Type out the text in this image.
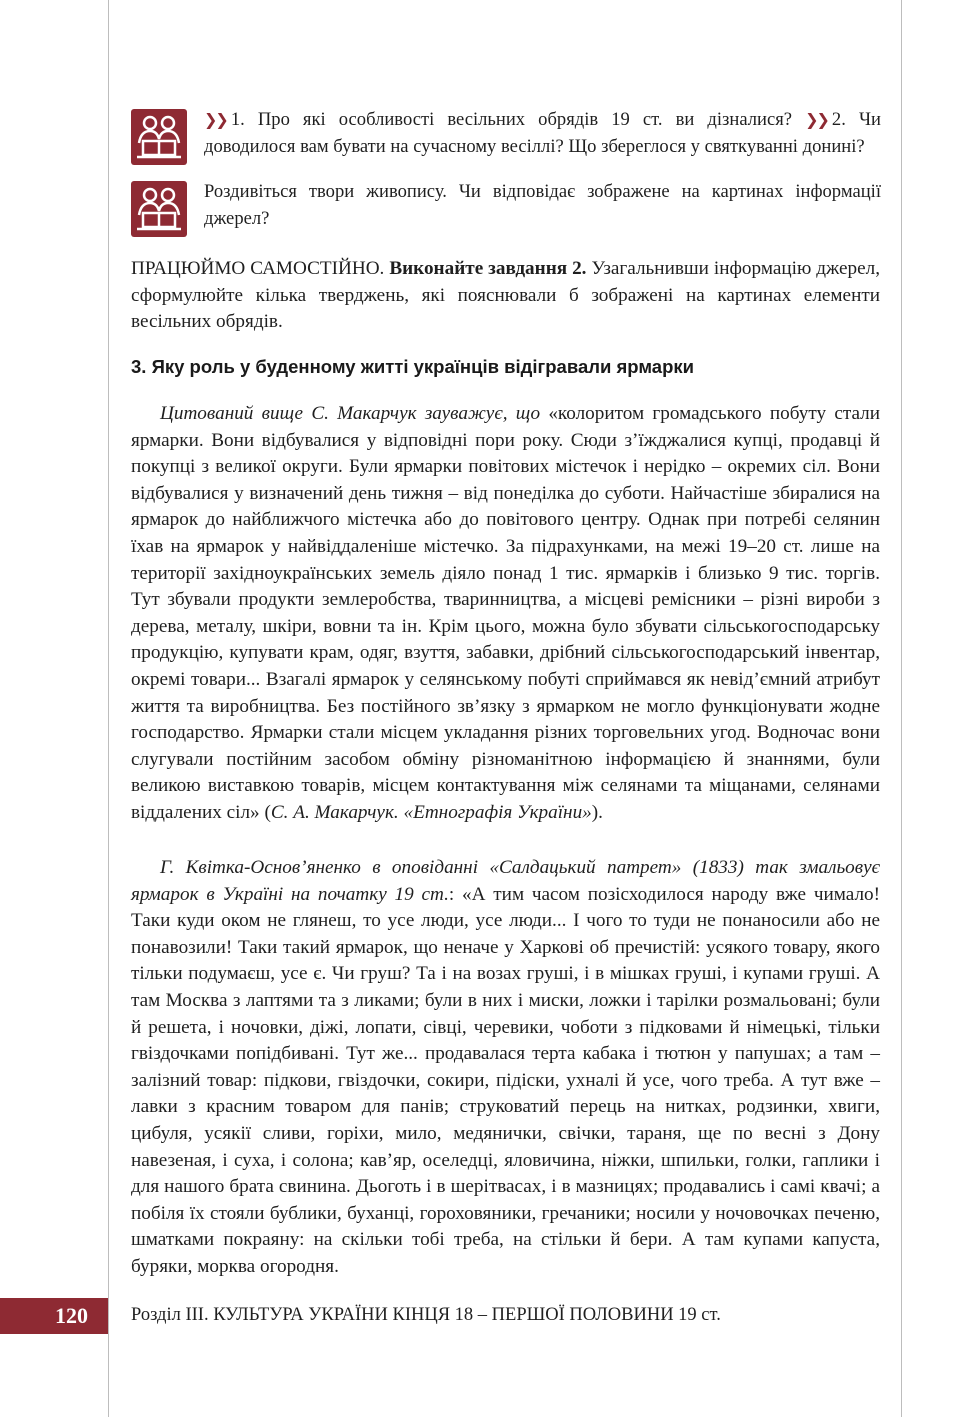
❯❯ 1. Про які особливості весільних обрядів 19 ст. ви дізналися? ❯❯ 2. Чи доводилося вам бувати на сучасному весіллі? Що збереглося у святкуванні донині?
Роздивіться твори живопису. Чи відповідає зображене на картинах інформації джерел?
ПРАЦЮЙМО САМОСТІЙНО. Виконайте завдання 2. Узагальнивши інформацію джерел, сформулюйте кілька тверджень, які пояснювали б зображені на картинах елементи весільних обрядів.
3. Яку роль у буденному житті українців відігравали ярмарки
Цитований вище С. Макарчук зауважує, що «колоритом громадського побуту стали ярмарки. Вони відбувалися у відповідні пори року. Сюди з’їжджалися купці, продавці й покупці з великої округи. Були ярмарки повітових містечок і нерідко – окремих сіл. Вони відбувалися у визначений день тижня – від понеділка до суботи. Найчастіше збиралися на ярмарок до найближчого містечка або до повітового центру. Однак при потребі селянин їхав на ярмарок у найвіддаленіше містечко. За підрахунками, на межі 19–20 ст. лише на території західноукраїнських земель діяло понад 1 тис. ярмарків і близько 9 тис. торгів. Тут збували продукти землеробства, тваринництва, а місцеві ремісники – різні вироби з дерева, металу, шкіри, вовни та ін. Крім цього, можна було збувати сільськогосподарську продукцію, купувати крам, одяг, взуття, забавки, дрібний сільськогосподарський інвентар, окремі товари... Взагалі ярмарок у селянському побуті сприймався як невід’ємний атрибут життя та виробництва. Без постійного зв’язку з ярмарком не могло функціонувати жодне господарство. Ярмарки стали місцем укладання різних торговельних угод. Водночас вони слугували постійним засобом обміну різноманітною інформацією й знаннями, були великою виставкою товарів, місцем контактування між селянами та міщанами, селянами віддалених сіл» (С. А. Макарчук. «Етнографія України»).
Г. Квітка-Основ’яненко в оповіданні «Салдацький патрет» (1833) так змальовує ярмарок в Україні на початку 19 ст.: «А тим часом позісходилося народу вже чимало! Таки куди оком не глянеш, то усе люди, усе люди... І чого то туди не понаносили або не понавозили! Таки такий ярмарок, що неначе у Харкові об пречистій: усякого товару, якого тільки подумаєш, усе є. Чи груш? Та і на возах груші, і в мішках груші, і купами груші. А там Москва з лаптями та з ликами; були в них і миски, ложки і тарілки розмальовані; були й решета, і ночовки, діжі, лопати, сівці, черевики, чоботи з підковами й німецькі, тільки гвіздочками попідбивані. Тут же... продавалася терта кабака і тютюн у папушах; а там – залізний товар: підкови, гвіздочки, сокири, підіски, ухналі й усе, чого треба. А тут вже – лавки з красним товаром для панів; струковатий перець на нитках, родзинки, хвиги, цибуля, усякії сливи, горіхи, мило, медянички, свічки, тараня, ще по весні з Дону навезеная, і суха, і солона; кав’яр, оселедці, яловичина, ніжки, шпильки, голки, гаплики і для нашого брата свинина. Дьоготь і в шерітвасах, і в мазницях; продавались і самі квачі; а побіля їх стояли бублики, буханці, гороховяники, гречаники; носили у ночовочках печеню, шматками покраяну: на скільки тобі треба, на стільки й бери. А там купами капуста, буряки, морква огородня.
120 Розділ ІІІ. КУЛЬТУРА УКРАЇНИ КІНЦЯ 18 – ПЕРШОЇ ПОЛОВИНИ 19 ст.
